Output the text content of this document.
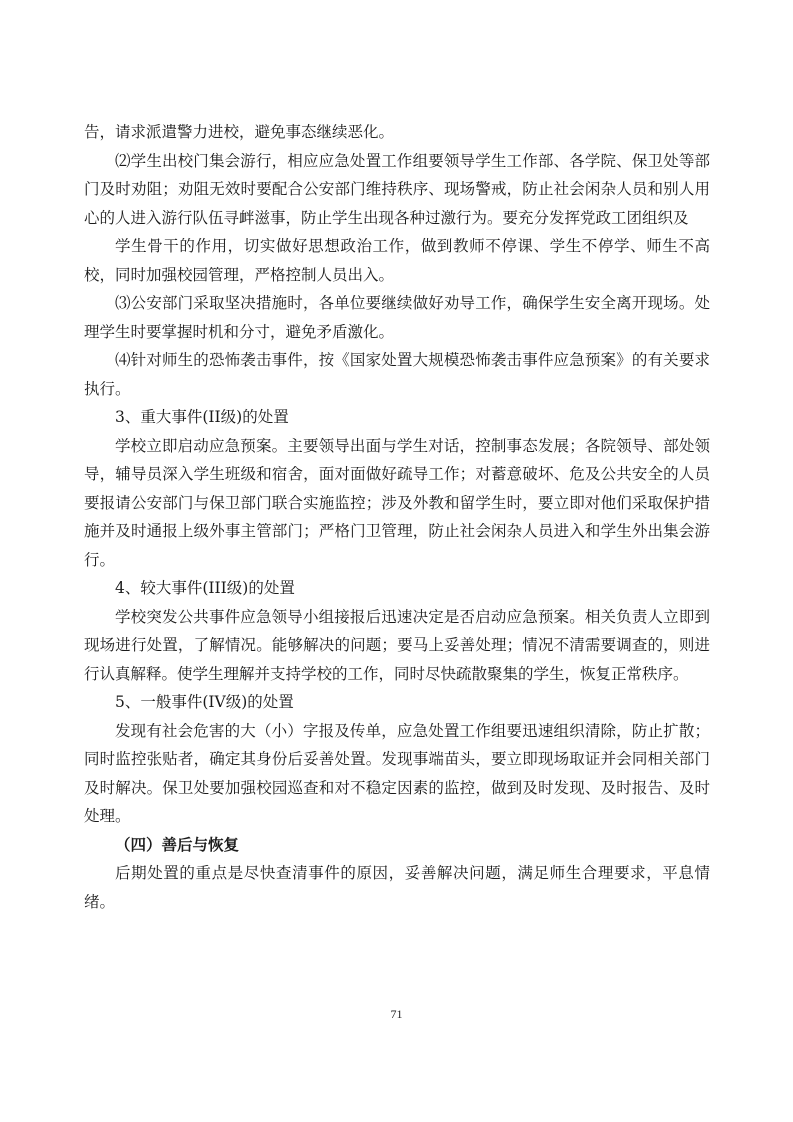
告，请求派遣警力进校，避免事态继续恶化。

⑵学生出校门集会游行，相应应急处置工作组要领导学生工作部、各学院、保卫处等部门及时劝阻；劝阻无效时要配合公安部门维持秩序、现场警戒，防止社会闲杂人员和别人用心的人进入游行队伍寻衅滋事，防止学生出现各种过激行为。要充分发挥党政工团组织及

学生骨干的作用，切实做好思想政治工作，做到教师不停课、学生不停学、师生不高校，同时加强校园管理，严格控制人员出入。

⑶公安部门采取坚决措施时，各单位要继续做好劝导工作，确保学生安全离开现场。处理学生时要掌握时机和分寸，避免矛盾激化。

⑷针对师生的恐怖袭击事件，按《国家处置大规模恐怖袭击事件应急预案》的有关要求执行。

3、重大事件(II级)的处置

学校立即启动应急预案。主要领导出面与学生对话，控制事态发展；各院领导、部处领导，辅导员深入学生班级和宿舍，面对面做好疏导工作；对蓄意破坏、危及公共安全的人员要报请公安部门与保卫部门联合实施监控；涉及外教和留学生时，要立即对他们采取保护措施并及时通报上级外事主管部门；严格门卫管理，防止社会闲杂人员进入和学生外出集会游行。

4、较大事件(III级)的处置

学校突发公共事件应急领导小组接报后迅速决定是否启动应急预案。相关负责人立即到现场进行处置，了解情况。能够解决的问题；要马上妥善处理；情况不清需要调查的，则进行认真解释。使学生理解并支持学校的工作，同时尽快疏散聚集的学生，恢复正常秩序。

5、一般事件(IV级)的处置

发现有社会危害的大（小）字报及传单，应急处置工作组要迅速组织清除，防止扩散；同时监控张贴者，确定其身份后妥善处置。发现事端苗头，要立即现场取证并会同相关部门及时解决。保卫处要加强校园巡查和对不稳定因素的监控，做到及时发现、及时报告、及时处理。

（四）善后与恢复

后期处置的重点是尽快查清事件的原因，妥善解决问题，满足师生合理要求，平息情绪。

71
